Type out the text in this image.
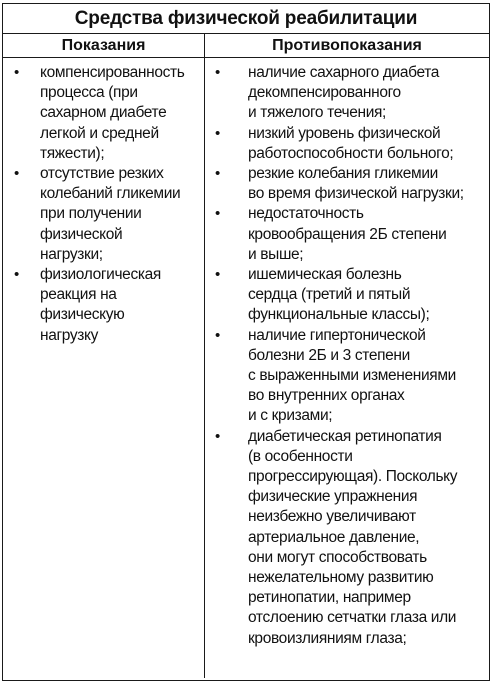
Средства физической реабилитации
Показания	Противопоказания
• компенсированность
процесса (при
сахарном диабете
легкой и средней
тяжести);
• отсутствие резких
колебаний гликемии
при получении
физической
нагрузки;
• физиологическая
реакция на
физическую
нагрузку
• наличие сахарного диабета
декомпенсированного
и тяжелого течения;
• низкий уровень физической
работоспособности больного;
• резкие колебания гликемии
во время физической нагрузки;
• недостаточность
кровообращения 2Б степени
и выше;
• ишемическая болезнь
сердца (третий и пятый
функциональные классы);
• наличие гипертонической
болезни 2Б и 3 степени
с выраженными изменениями
во внутренних органах
и с кризами;
• диабетическая ретинопатия
(в особенности
прогрессирующая). Поскольку
физические упражнения
неизбежно увеличивают
артериальное давление,
они могут способствовать
нежелательному развитию
ретинопатии, например
отслоению сетчатки глаза или
кровоизлияниям глаза;
